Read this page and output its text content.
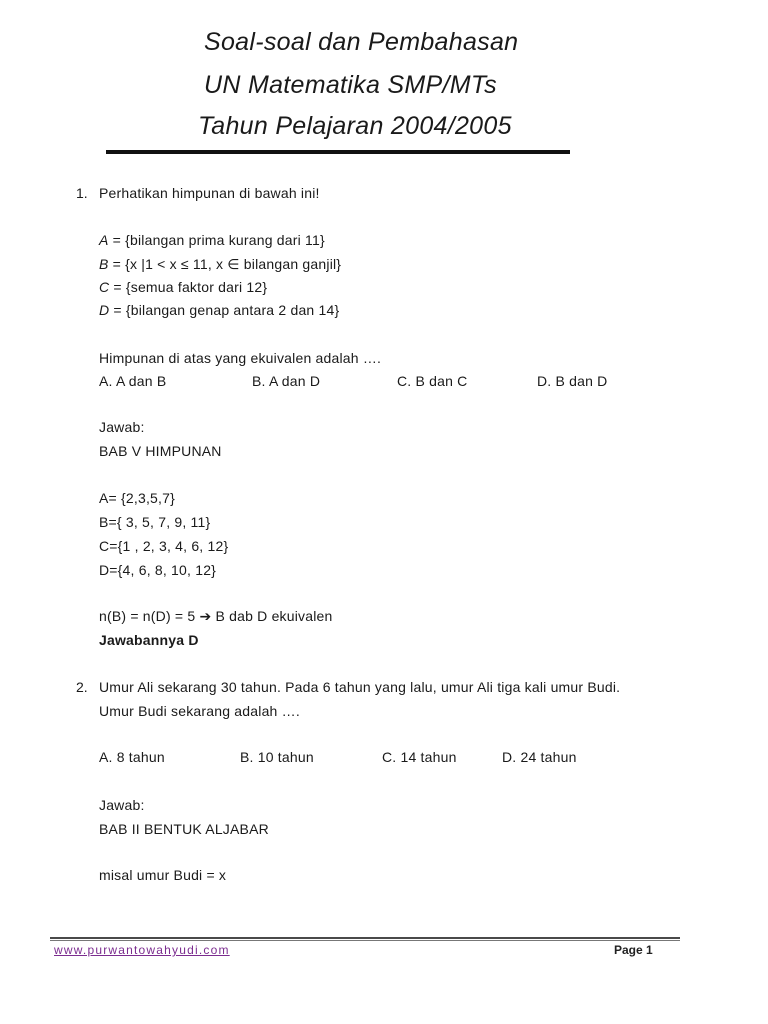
Soal-soal dan Pembahasan
UN Matematika SMP/MTs
Tahun Pelajaran 2004/2005
1. Perhatikan himpunan di bawah ini!
A = {bilangan prima kurang dari 11}
B = {x |1 < x ≤ 11, x ∈ bilangan ganjil}
C = {semua faktor dari 12}
D = {bilangan genap antara 2 dan 14}
Himpunan di atas yang ekuivalen adalah ….
A. A dan B	B. A dan D	C. B dan C	D. B dan D
Jawab:
BAB V HIMPUNAN
A= {2,3,5,7}
B={ 3, 5, 7, 9, 11}
C={1 , 2, 3, 4, 6, 12}
D={4, 6, 8, 10, 12}
n(B) = n(D) = 5 ➔ B dab D ekuivalen
Jawabannya D
2. Umur Ali sekarang 30 tahun. Pada 6 tahun yang lalu, umur Ali tiga kali umur Budi.
Umur Budi sekarang adalah ….
A. 8 tahun	B. 10 tahun	C. 14 tahun	D. 24 tahun
Jawab:
BAB II BENTUK ALJABAR
misal umur Budi = x
www.purwantowahyudi.com	Page 1
